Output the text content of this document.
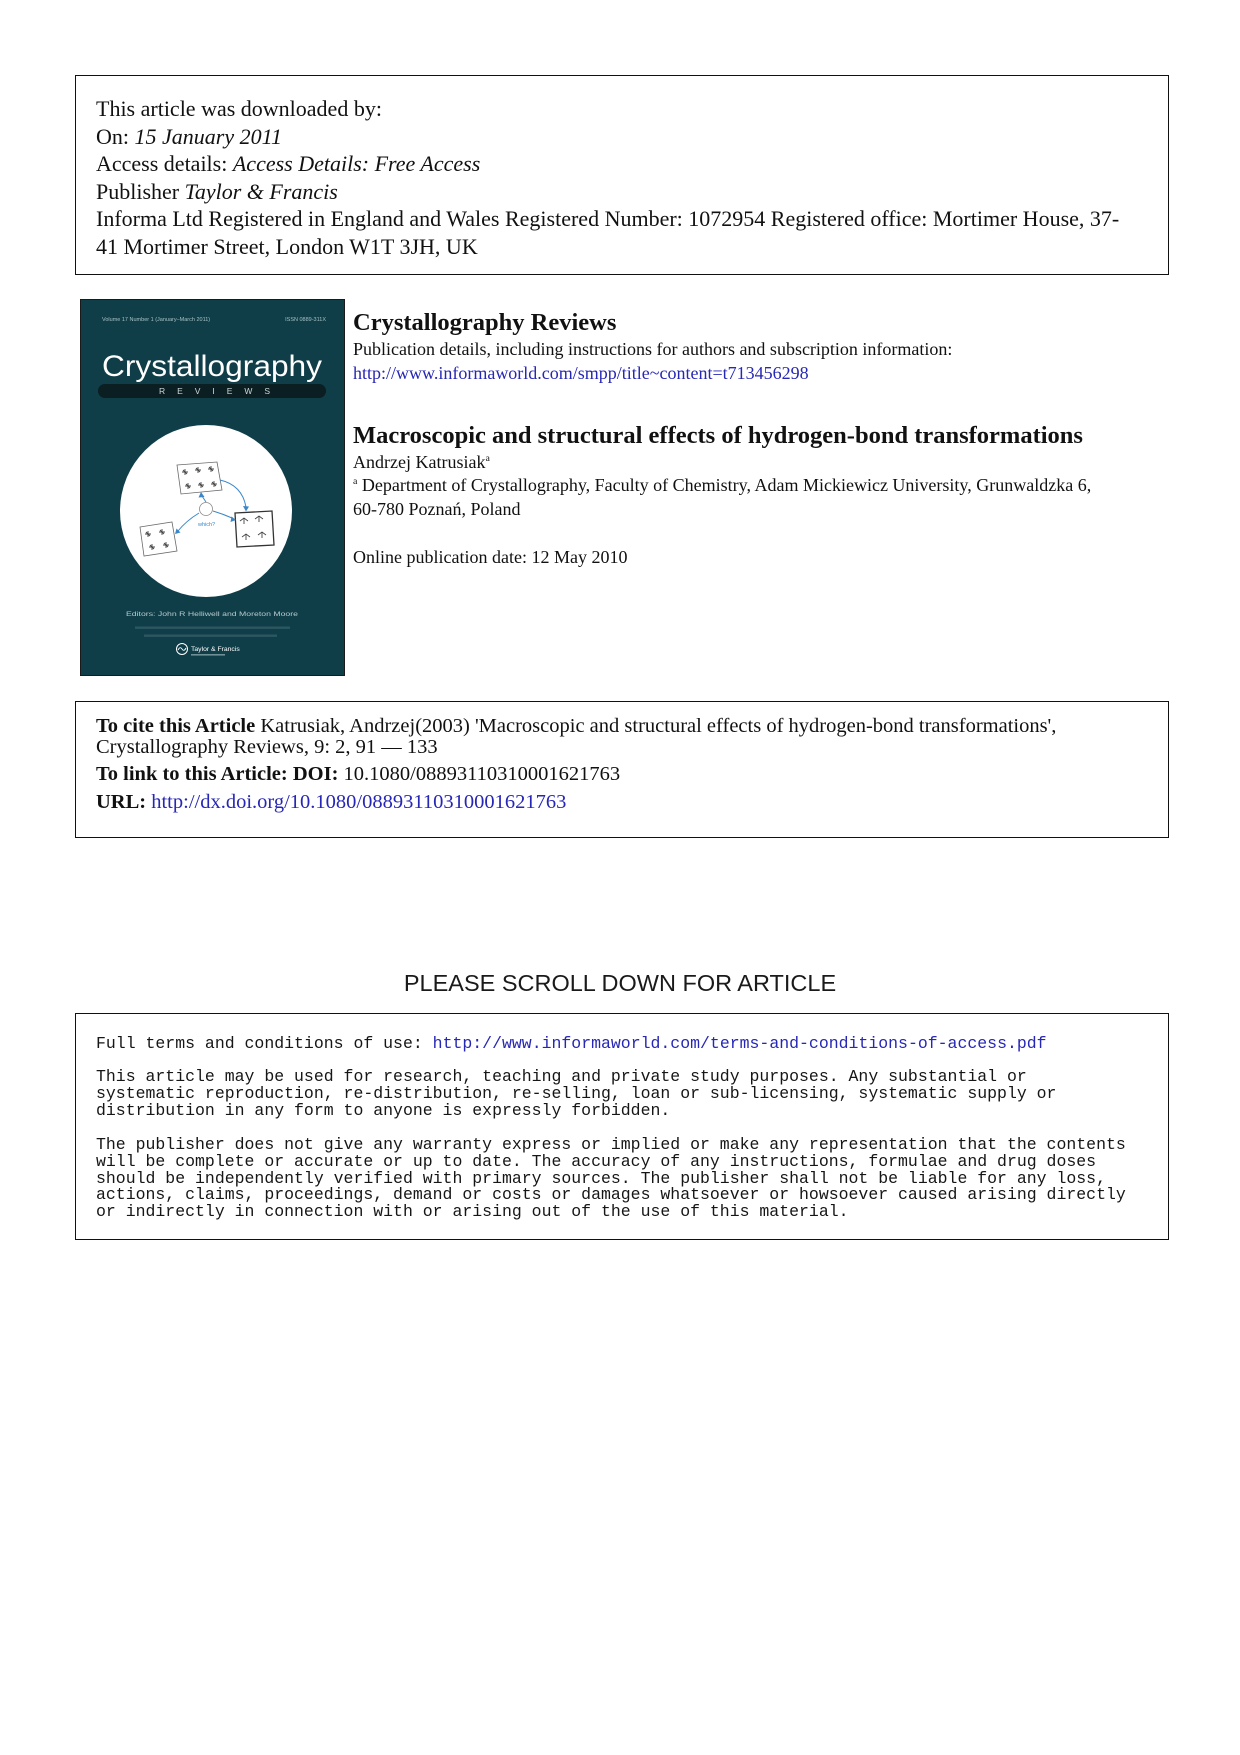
This article was downloaded by:
On: 15 January 2011
Access details: Access Details: Free Access
Publisher Taylor & Francis
Informa Ltd Registered in England and Wales Registered Number: 1072954 Registered office: Mortimer House, 37-
41 Mortimer Street, London W1T 3JH, UK
Volume 17 Number 1 (January–March 2011)	ISSN 0889-311X
Crystallography
REVIEWS
which?
Editors: John R Helliwell and Moreton Moore
Taylor & Francis
Crystallography Reviews
Publication details, including instructions for authors and subscription information:
http://www.informaworld.com/smpp/title~content=t713456298
Macroscopic and structural effects of hydrogen-bond transformations
Andrzej Katrusiak$^a$
$^a$ Department of Crystallography, Faculty of Chemistry, Adam Mickiewicz University, Grunwaldzka 6,
60-780 Poznań, Poland
Online publication date: 12 May 2010
To cite this Article Katrusiak, Andrzej(2003) 'Macroscopic and structural effects of hydrogen-bond transformations',
Crystallography Reviews, 9: 2, 91 — 133
To link to this Article: DOI: 10.1080/08893110310001621763
URL: http://dx.doi.org/10.1080/08893110310001621763
PLEASE SCROLL DOWN FOR ARTICLE
Full terms and conditions of use: http://www.informaworld.com/terms-and-conditions-of-access.pdf
This article may be used for research, teaching and private study purposes. Any substantial or
systematic reproduction, re-distribution, re-selling, loan or sub-licensing, systematic supply or
distribution in any form to anyone is expressly forbidden.
The publisher does not give any warranty express or implied or make any representation that the contents
will be complete or accurate or up to date. The accuracy of any instructions, formulae and drug doses
should be independently verified with primary sources. The publisher shall not be liable for any loss,
actions, claims, proceedings, demand or costs or damages whatsoever or howsoever caused arising directly
or indirectly in connection with or arising out of the use of this material.
